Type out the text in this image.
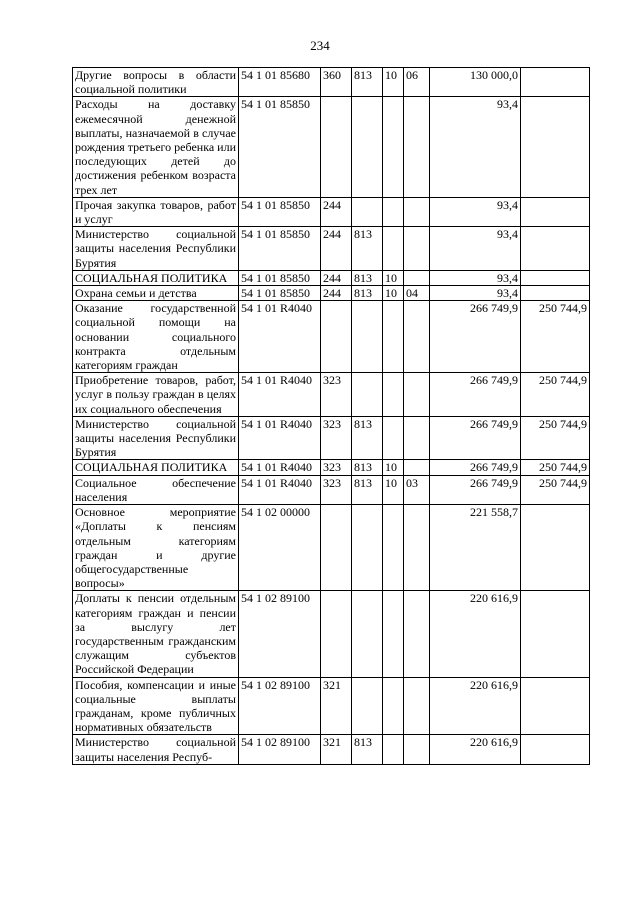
234
Другие вопросы в области социальной политики	54 1 01 85680	360	813	10	06	130 000,0	
Расходы на доставку ежемесячной денежной выплаты, назначаемой в случае рождения третьего ребенка или последующих детей до достижения ребенком возраста трех лет	54 1 01 85850					93,4	
Прочая закупка товаров, работ и услуг	54 1 01 85850	244				93,4	
Министерство социальной защиты населения Республики Бурятия	54 1 01 85850	244	813			93,4	
СОЦИАЛЬНАЯ ПОЛИТИКА	54 1 01 85850	244	813	10		93,4	
Охрана семьи и детства	54 1 01 85850	244	813	10	04	93,4	
Оказание государственной социальной помощи на основании социального контракта отдельным категориям граждан	54 1 01 R4040					266 749,9	250 744,9
Приобретение товаров, работ, услуг в пользу граждан в целях их социального обеспечения	54 1 01 R4040	323				266 749,9	250 744,9
Министерство социальной защиты населения Республики Бурятия	54 1 01 R4040	323	813			266 749,9	250 744,9
СОЦИАЛЬНАЯ ПОЛИТИКА	54 1 01 R4040	323	813	10		266 749,9	250 744,9
Социальное обеспечение населения	54 1 01 R4040	323	813	10	03	266 749,9	250 744,9
Основное мероприятие «Доплаты к пенсиям отдельным категориям граждан и другие общегосударственные вопросы»	54 1 02 00000					221 558,7	
Доплаты к пенсии отдельным категориям граждан и пенсии за выслугу лет государственным гражданским служащим субъектов Российской Федерации	54 1 02 89100					220 616,9	
Пособия, компенсации и иные социальные выплаты гражданам, кроме публичных нормативных обязательств	54 1 02 89100	321				220 616,9	
Министерство социальной защиты населения Респуб-	54 1 02 89100	321	813			220 616,9	
